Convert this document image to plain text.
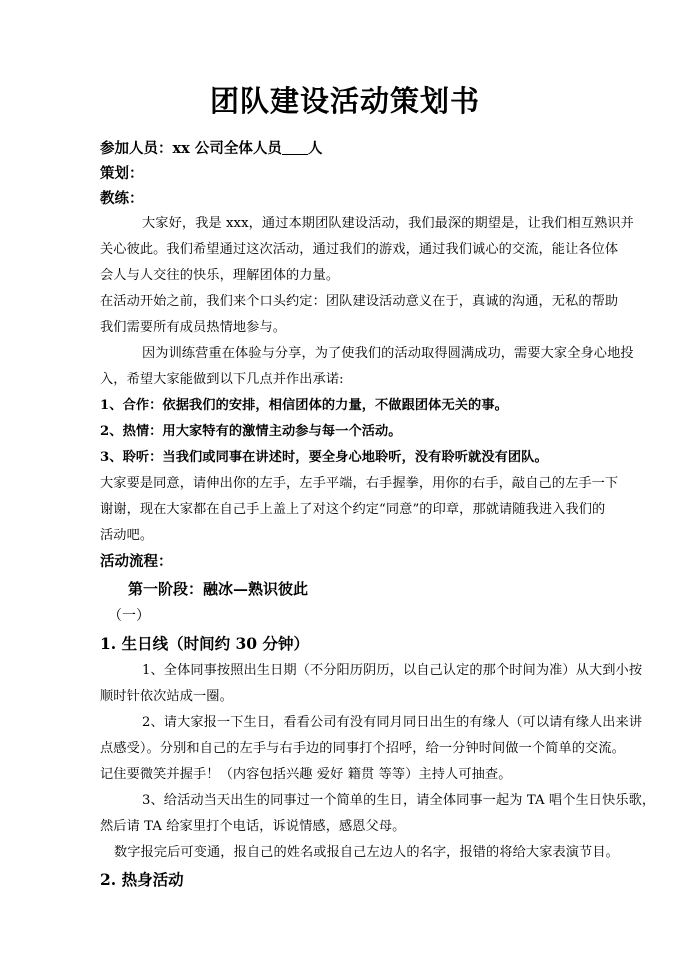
团队建设活动策划书

参加人员：xx 公司全体人员 人

策划：

教练：

大家好，我是 xxx，通过本期团队建设活动，我们最深的期望是，让我们 相互熟识并

关心彼此。我们希望通过这次活动，通过我们的游戏，通过我们诚心的交流， 能让各位体

会人与人交往的快乐，理解团体的力量。

在活动开始之前，我们来个口头约定：团队建设活动意义在于，真诚的沟通， 无私的帮助

我们需要所有成员热情地参与。

因为训练营重在体验与分享，为了使我们的活动取得圆满成功，需要大家 全身心地投

入，希望大家能做到以下几点并作出承诺:

1、合作：依据我们的安排，相信团体的力量，不做跟团体无关的事。

2、热情：用大家特有的激情主动参与每一个活动。

3、聆听：当我们或同事在讲述时，要全身心地聆听，没有聆听就没有团队。

大家要是同意，请伸出你的左手，左手平端，右手握拳，用你的右手，敲自己的 左手一下

谢谢，现在大家都在自己手上盖上了对这个约定“同意”的印章，那就请随 我进入我们的

活动吧。

活动流程：

第一阶段：融冰—熟识彼此

（一）

1. 生日线（时间约 30 分钟）

1、全体同事按照出生日期（不分阳历阴历，以自己认定的那个时间为准） 从大到小按

顺时针依次站成一圈。

2、请大家报一下生日，看看公司有没有同月同日出生的有缘人（可以请有 缘人出来讲

点感受）。分别和自己的左手与右手边的同事打个招呼，给一分钟时间做一 个简单的交流。

记住要微笑并握手！（内容包括兴趣 爱好 籍贯 等等）主持人可抽查。

3、给活动当天出生的同事过一个简单的生日，请全体同事一起为 TA 唱个 生日快乐歌，

然后请 TA 给家里打个电话，诉说情感，感恩父母。

数字报完后可变通，报自己的姓名或报自己左边人的名字，报错的将给大家表演节目。

2. 热身活动
